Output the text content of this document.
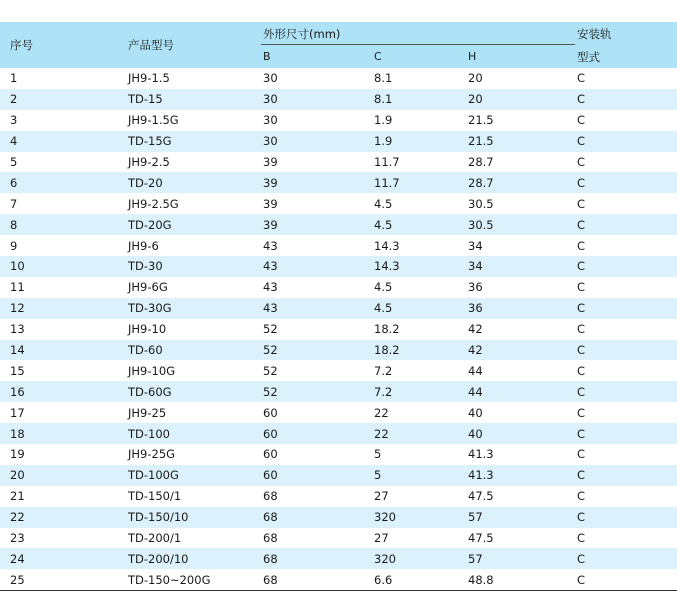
序号	产品型号	外形尺寸(mm)			安装轨
		B	C	H	型式
1	JH9-1.5	30	8.1	20	C
2	TD-15	30	8.1	20	C
3	JH9-1.5G	30	1.9	21.5	C
4	TD-15G	30	1.9	21.5	C
5	JH9-2.5	39	11.7	28.7	C
6	TD-20	39	11.7	28.7	C
7	JH9-2.5G	39	4.5	30.5	C
8	TD-20G	39	4.5	30.5	C
9	JH9-6	43	14.3	34	C
10	TD-30	43	14.3	34	C
11	JH9-6G	43	4.5	36	C
12	TD-30G	43	4.5	36	C
13	JH9-10	52	18.2	42	C
14	TD-60	52	18.2	42	C
15	JH9-10G	52	7.2	44	C
16	TD-60G	52	7.2	44	C
17	JH9-25	60	22	40	C
18	TD-100	60	22	40	C
19	JH9-25G	60	5	41.3	C
20	TD-100G	60	5	41.3	C
21	TD-150/1	68	27	47.5	C
22	TD-150/10	68	320	57	C
23	TD-200/1	68	27	47.5	C
24	TD-200/10	68	320	57	C
25	TD-150~200G	68	6.6	48.8	C
